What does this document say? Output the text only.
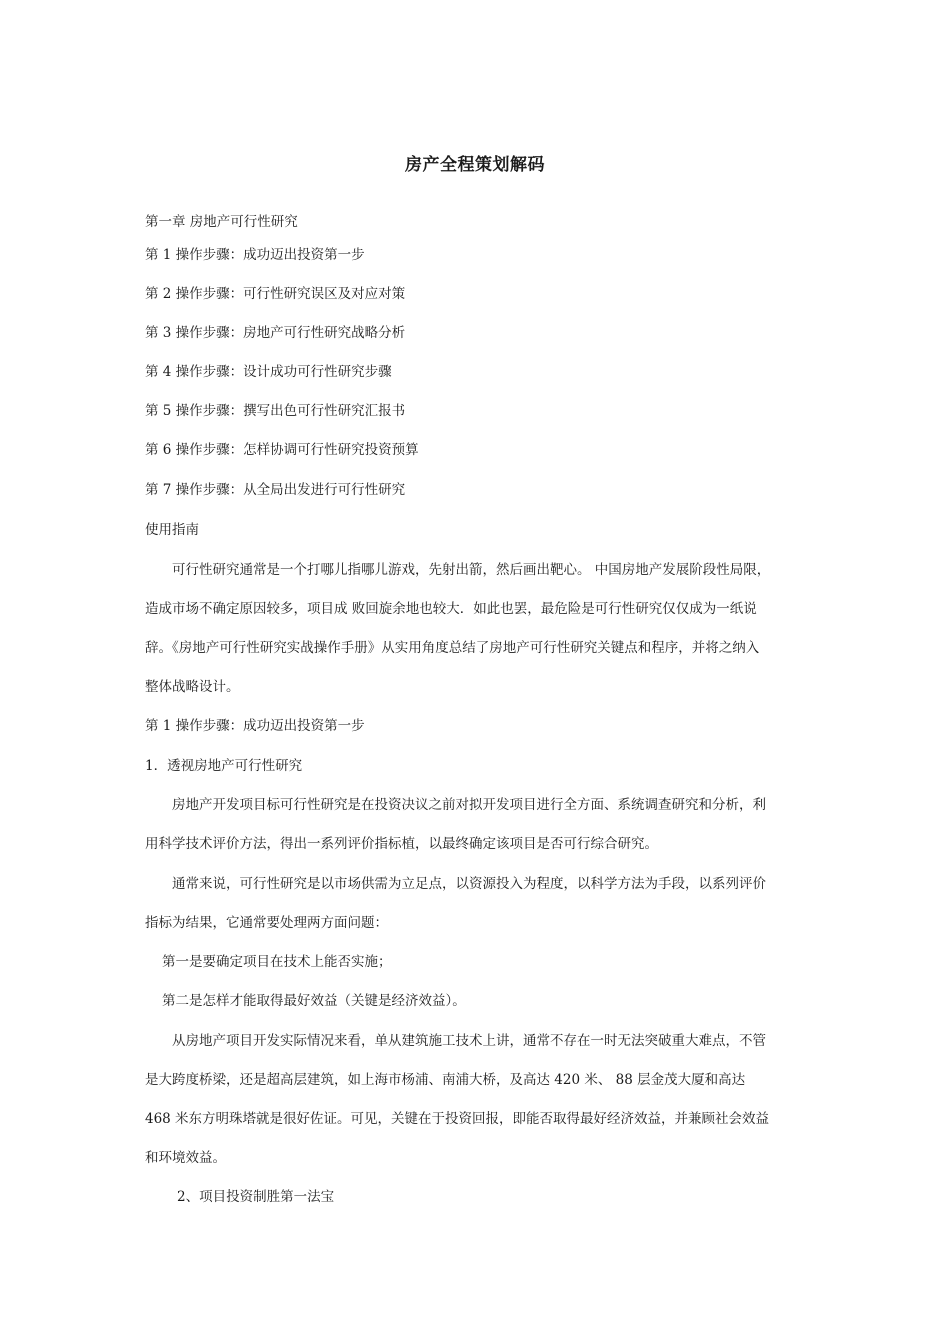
房产全程策划解码
第一章 房地产可行性研究
第 1 操作步骤：成功迈出投资第一步
第 2 操作步骤：可行性研究误区及对应对策
第 3 操作步骤：房地产可行性研究战略分析
第 4 操作步骤：设计成功可行性研究步骤
第 5 操作步骤：撰写出色可行性研究汇报书
第 6 操作步骤：怎样协调可行性研究投资预算
第 7 操作步骤：从全局出发进行可行性研究
使用指南
可行性研究通常是一个打哪儿指哪儿游戏，先射出箭，然后画出靶心。 中国房地产发展阶段性局限，
造成市场不确定原因较多，项目成 败回旋余地也较大．如此也罢，最危险是可行性研究仅仅成为一纸说
辞。《房地产可行性研究实战操作手册》从实用角度总结了房地产可行性研究关键点和程序，并将之纳入
整体战略设计。
第 1 操作步骤：成功迈出投资第一步
1．透视房地产可行性研究
房地产开发项目标可行性研究是在投资决议之前对拟开发项目进行全方面、系统调查研究和分析，利
用科学技术评价方法，得出一系列评价指标植，以最终确定该项目是否可行综合研究。
通常来说，可行性研究是以市场供需为立足点，以资源投入为程度，以科学方法为手段，以系列评价
指标为结果，它通常要处理两方面问题：
第一是要确定项目在技术上能否实施；
第二是怎样才能取得最好效益（关键是经济效益）。
从房地产项目开发实际情况来看，单从建筑施工技术上讲，通常不存在一时无法突破重大难点，不管
是大跨度桥梁，还是超高层建筑，如上海市杨浦、南浦大桥，及高达 420 米、 88 层金茂大厦和高达
468 米东方明珠塔就是很好佐证。可见，关键在于投资回报，即能否取得最好经济效益，并兼顾社会效益
和环境效益。
2、项目投资制胜第一法宝
